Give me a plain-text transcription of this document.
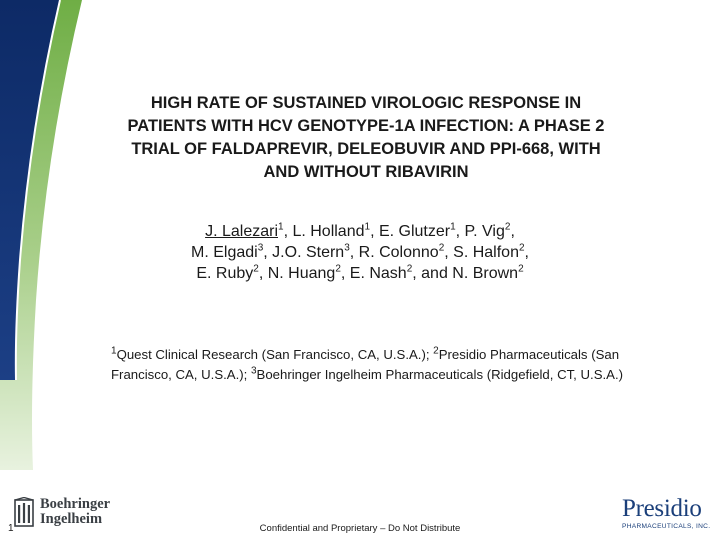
HIGH RATE OF SUSTAINED VIROLOGIC RESPONSE IN
PATIENTS WITH HCV GENOTYPE-1A INFECTION: A PHASE 2
TRIAL OF FALDAPREVIR, DELEOBUVIR AND PPI-668, WITH
AND WITHOUT RIBAVIRIN
J. Lalezari$^1$, L. Holland$^1$, E. Glutzer$^1$, P. Vig$^2$,
M. Elgadi$^3$, J.O. Stern$^3$, R. Colonno$^2$, S. Halfon$^2$,
E. Ruby$^2$, N. Huang$^2$, E. Nash$^2$, and N. Brown$^2$
$^1$Quest Clinical Research (San Francisco, CA, U.S.A.); $^2$Presidio Pharmaceuticals (San Francisco, CA, U.S.A.); $^3$Boehringer Ingelheim Pharmaceuticals (Ridgefield, CT, U.S.A.)
Boehringer
Ingelheim
1	Confidential and Proprietary – Do Not Distribute
Presidio
PHARMACEUTICALS, INC.
